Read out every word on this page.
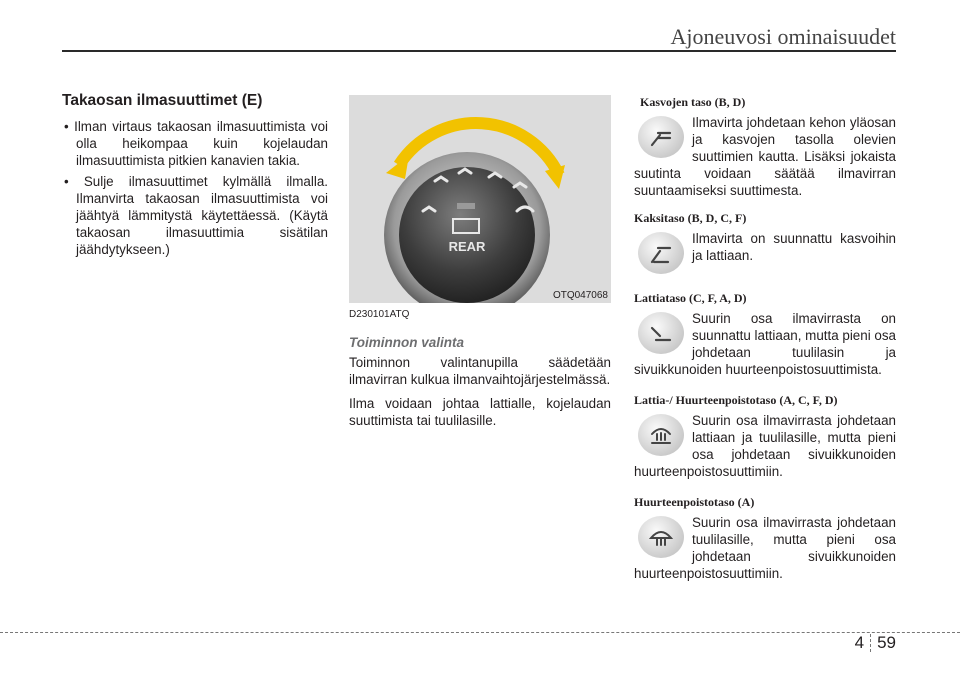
Ajoneuvosi ominaisuudet
Takaosan ilmasuuttimet (E)

• Ilman virtaus takaosan ilmasuuttimista voi olla heikompaa kuin kojelaudan ilmasuuttimista pitkien kanavien takia.

• Sulje ilmasuuttimet kylmällä ilmalla. Ilmanvirta takaosan ilmasuuttimista voi jäähtyä lämmitystä käytettäessä. (Käytä takaosan ilmasuuttimia sisätilan jäähdytykseen.)	REAR
OTQ047068
D230101ATQ
Toiminnon valinta

Toiminnon valintanupilla säädetään ilmavirran kulkua ilmanvaihtojärjestelmässä.

Ilma voidaan johtaa lattialle, kojelaudan suuttimista tai tuulilasille.

Kasvojen taso (B, D)

Ilmavirta johdetaan kehon yläosan ja kasvojen tasolla olevien suuttimien kautta. Lisäksi jokaista suutinta voidaan säätää ilmavirran suuntaamiseksi suuttimesta.

Kaksitaso (B, D, C, F)

Ilmavirta on suunnattu kasvoihin ja lattiaan.

Lattiataso (C, F, A, D)

Suurin osa ilmavirrasta on suunnattu lattiaan, mutta pieni osa johdetaan tuulilasin ja sivuikkunoiden huurteenpoistosuuttimista.

Lattia-/ Huurteenpoistotaso (A, C, F, D)

Suurin osa ilmavirrasta johdetaan lattiaan ja tuulilasille, mutta pieni osa johdetaan sivuikkunoiden huurteenpoistosuuttimiin.

Huurteenpoistotaso (A)

Suurin osa ilmavirrasta johdetaan tuulilasille, mutta pieni osa johdetaan sivuikkunoiden huurteenpoistosuuttimiin.

4 59
